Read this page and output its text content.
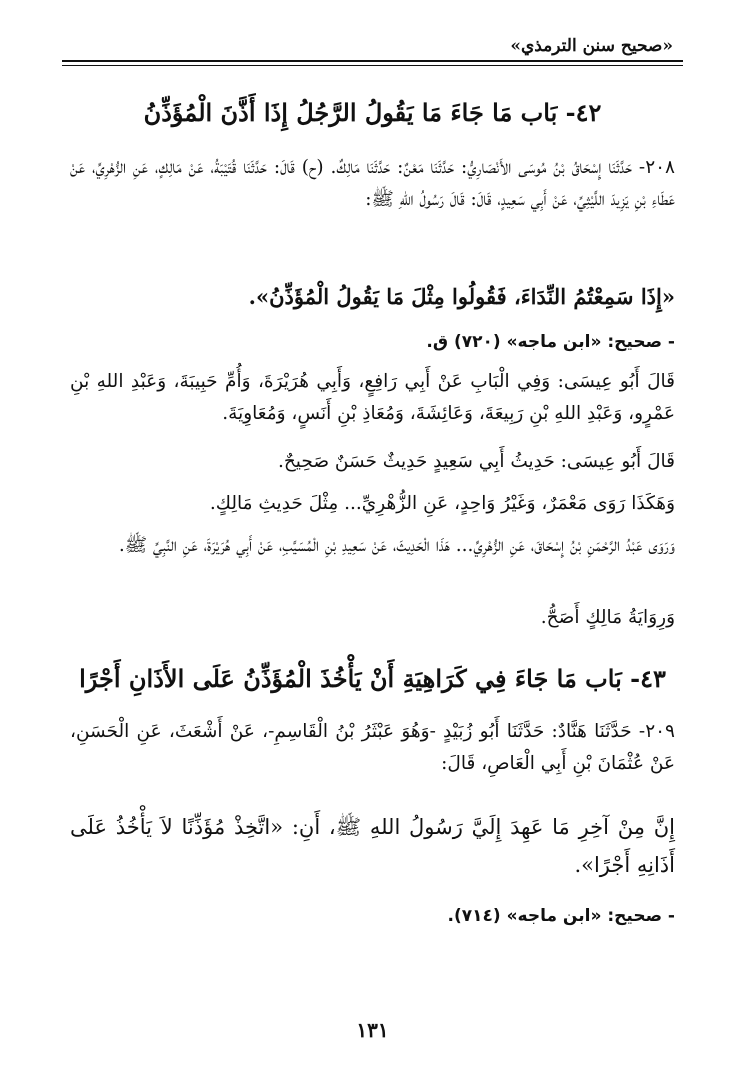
«صحيح سنن الترمذي»
٤٢- بَاب مَا جَاءَ مَا يَقُولُ الرَّجُلُ إِذَا أَذَّنَ الْمُؤَذِّنُ
٢٠٨- حَدَّثَنَا إِسْحَاقُ بْنُ مُوسَى الأَنْصَارِيُّ: حَدَّثَنَا مَعْنٌ: حَدَّثَنَا مَالِكٌ. (ح) قَالَ: حَدَّثَنَا قُتَيْبَةُ، عَنْ مَالِكٍ، عَنِ الزُّهْرِيِّ، عَنْ عَطَاءِ بْنِ يَزِيدَ اللَّيْثِيِّ، عَنْ أَبِي سَعِيدٍ، قَالَ: قَالَ رَسُولُ اللهِ ﷺ:
«إِذَا سَمِعْتُمُ النِّدَاءَ، فَقُولُوا مِثْلَ مَا يَقُولُ الْمُؤَذِّنُ».
- صحيح: «ابن ماجه» (٧٢٠) ق.
قَالَ أَبُو عِيسَى: وَفِي الْبَابِ عَنْ أَبِي رَافِعٍ، وَأَبِي هُرَيْرَةَ، وَأُمِّ حَبِيبَةَ، وَعَبْدِ اللهِ بْنِ عَمْرٍو، وَعَبْدِ اللهِ بْنِ رَبِيعَةَ، وَعَائِشَةَ، وَمُعَاذِ بْنِ أَنَسٍ، وَمُعَاوِيَةَ.
قَالَ أَبُو عِيسَى: حَدِيثُ أَبِي سَعِيدٍ حَدِيثٌ حَسَنٌ صَحِيحٌ.
وَهَكَذَا رَوَى مَعْمَرٌ، وَغَيْرُ وَاحِدٍ، عَنِ الزُّهْرِيِّ... مِثْلَ حَدِيثِ مَالِكٍ.
وَرَوَى عَبْدُ الرَّحْمَنِ بْنُ إِسْحَاقَ، عَنِ الزُّهْرِيِّ... هَذَا الْحَدِيثَ، عَنْ سَعِيدِ بْنِ الْمُسَيَّبِ، عَنْ أَبِي هُرَيْرَةَ، عَنِ النَّبِيِّ ﷺ.
وَرِوَايَةُ مَالِكٍ أَصَحُّ.
٤٣- بَاب مَا جَاءَ فِي كَرَاهِيَةِ أَنْ يَأْخُذَ الْمُؤَذِّنُ عَلَى الأَذَانِ أَجْرًا
٢٠٩- حَدَّثَنَا هَنَّادٌ: حَدَّثَنَا أَبُو زُبَيْدٍ -وَهُوَ عَبْثَرُ بْنُ الْقَاسِمِ-، عَنْ أَشْعَثَ، عَنِ الْحَسَنِ، عَنْ عُثْمَانَ بْنِ أَبِي الْعَاصِ، قَالَ:
إِنَّ مِنْ آخِرِ مَا عَهِدَ إِلَيَّ رَسُولُ اللهِ ﷺ، أَنِ: «اتَّخِذْ مُؤَذِّنًا لاَ يَأْخُذُ عَلَى أَذَانِهِ أَجْرًا».
- صحيح: «ابن ماجه» (٧١٤).
١٣١
